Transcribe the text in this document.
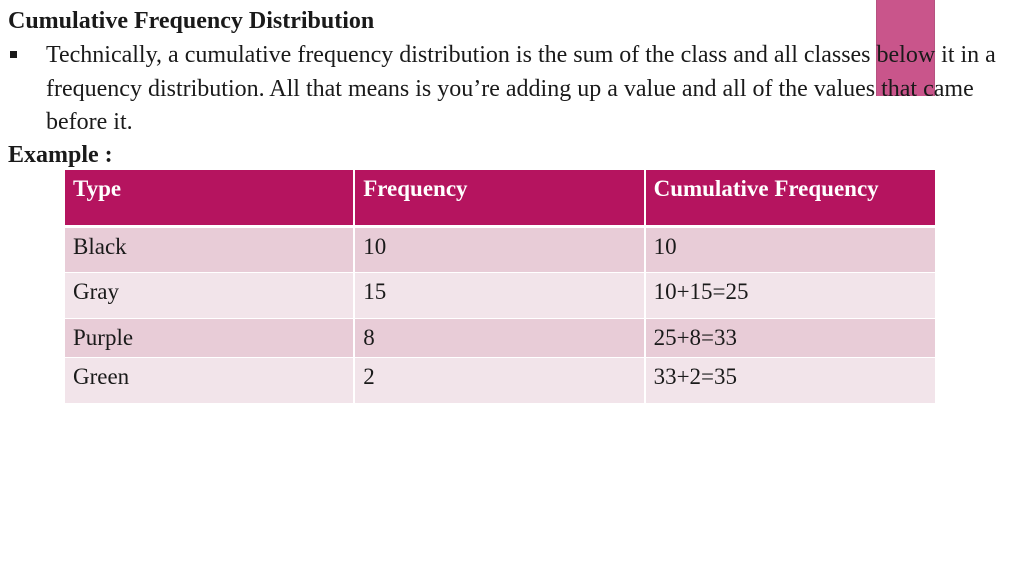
Cumulative Frequency Distribution
Technically, a cumulative frequency distribution is the sum of the class and all classes below it in a frequency distribution. All that means is you’re adding up a value and all of the values that came before it.
Example :
Type	Frequency	Cumulative Frequency
Black	10	10
Gray	15	10+15=25
Purple	8	25+8=33
Green	2	33+2=35
